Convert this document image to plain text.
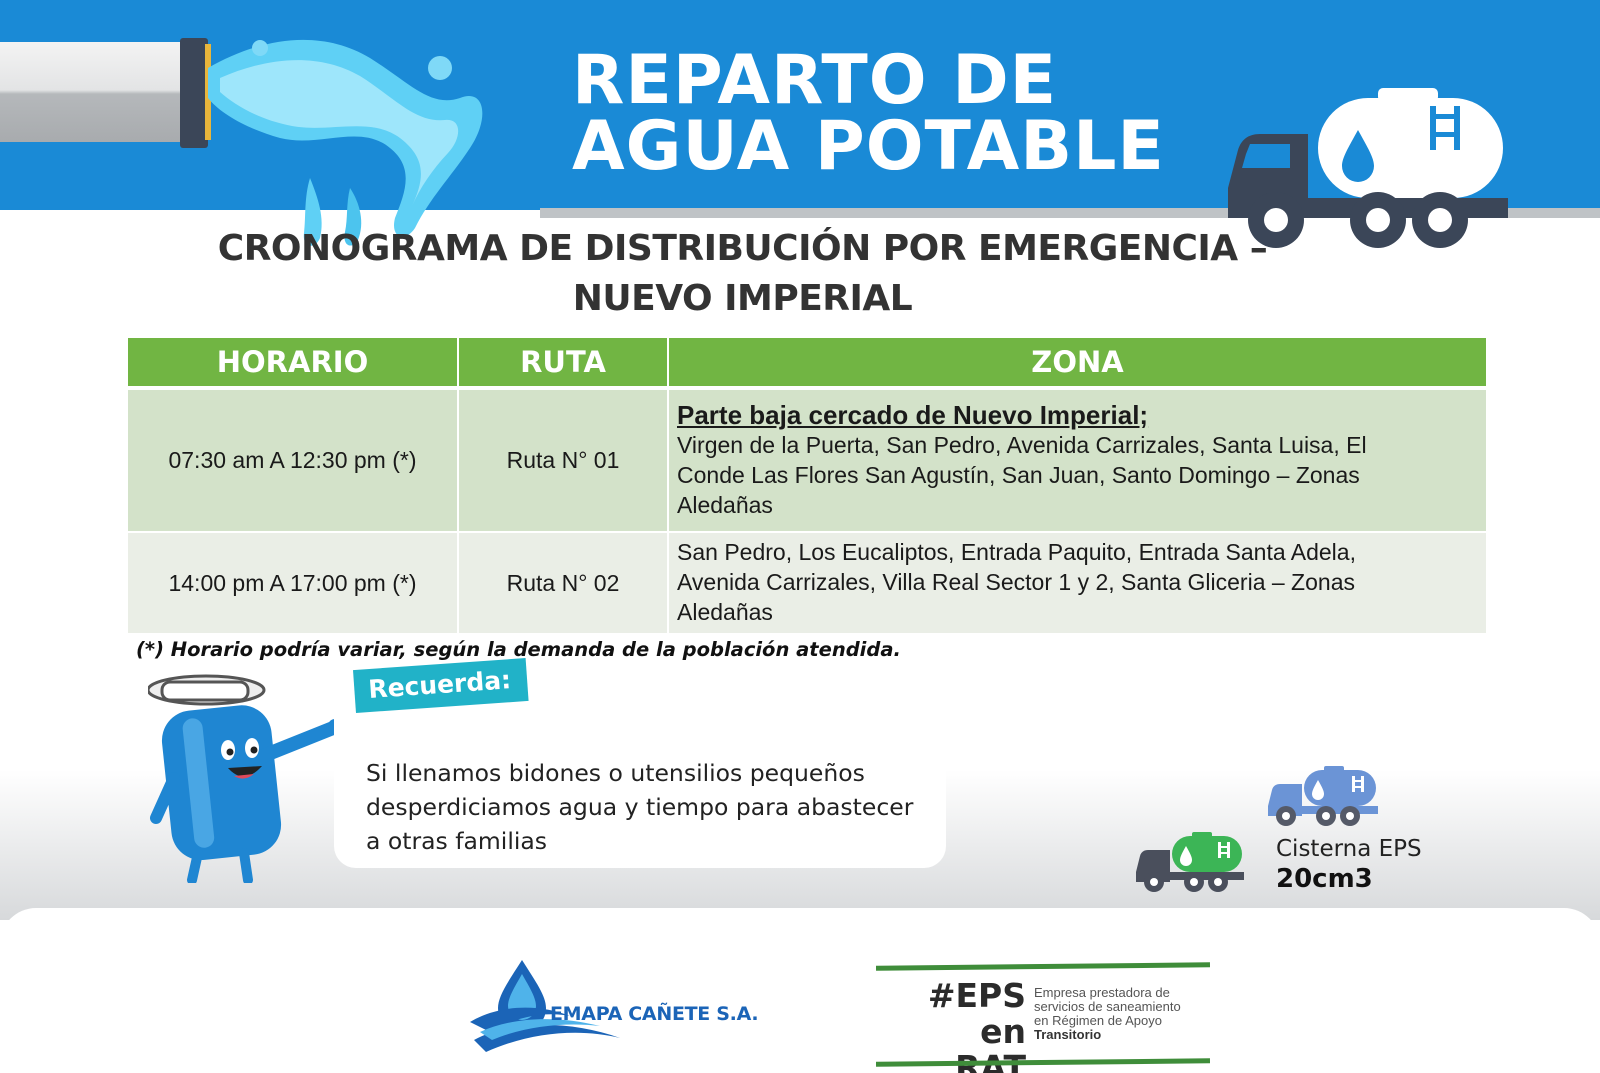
REPARTO DE
AGUA POTABLE
CRONOGRAMA DE DISTRIBUCIÓN POR EMERGENCIA –
NUEVO IMPERIAL
HORARIO	RUTA	ZONA
07:30 am A 12:30 pm (*)	Ruta N° 01	Parte baja cercado de Nuevo Imperial;
Virgen de la Puerta, San Pedro, Avenida Carrizales, Santa Luisa, El Conde Las Flores San Agustín, San Juan, Santo Domingo – Zonas Aledañas
14:00 pm A 17:00 pm (*)	Ruta N° 02	San Pedro, Los Eucaliptos, Entrada Paquito, Entrada Santa Adela, Avenida Carrizales, Villa Real Sector 1 y 2, Santa Gliceria – Zonas Aledañas
(*) Horario podría variar, según la demanda de la población atendida.
Recuerda:
Si llenamos bidones o utensilios pequeños desperdiciamos agua y tiempo para abastecer a otras familias	Cisterna EPS
20cm3
EMAPA CAÑETE S.A.	#EPS en
Empresa prestadora de
servicios de saneamiento
en Régimen de Apoyo
Transitorio
